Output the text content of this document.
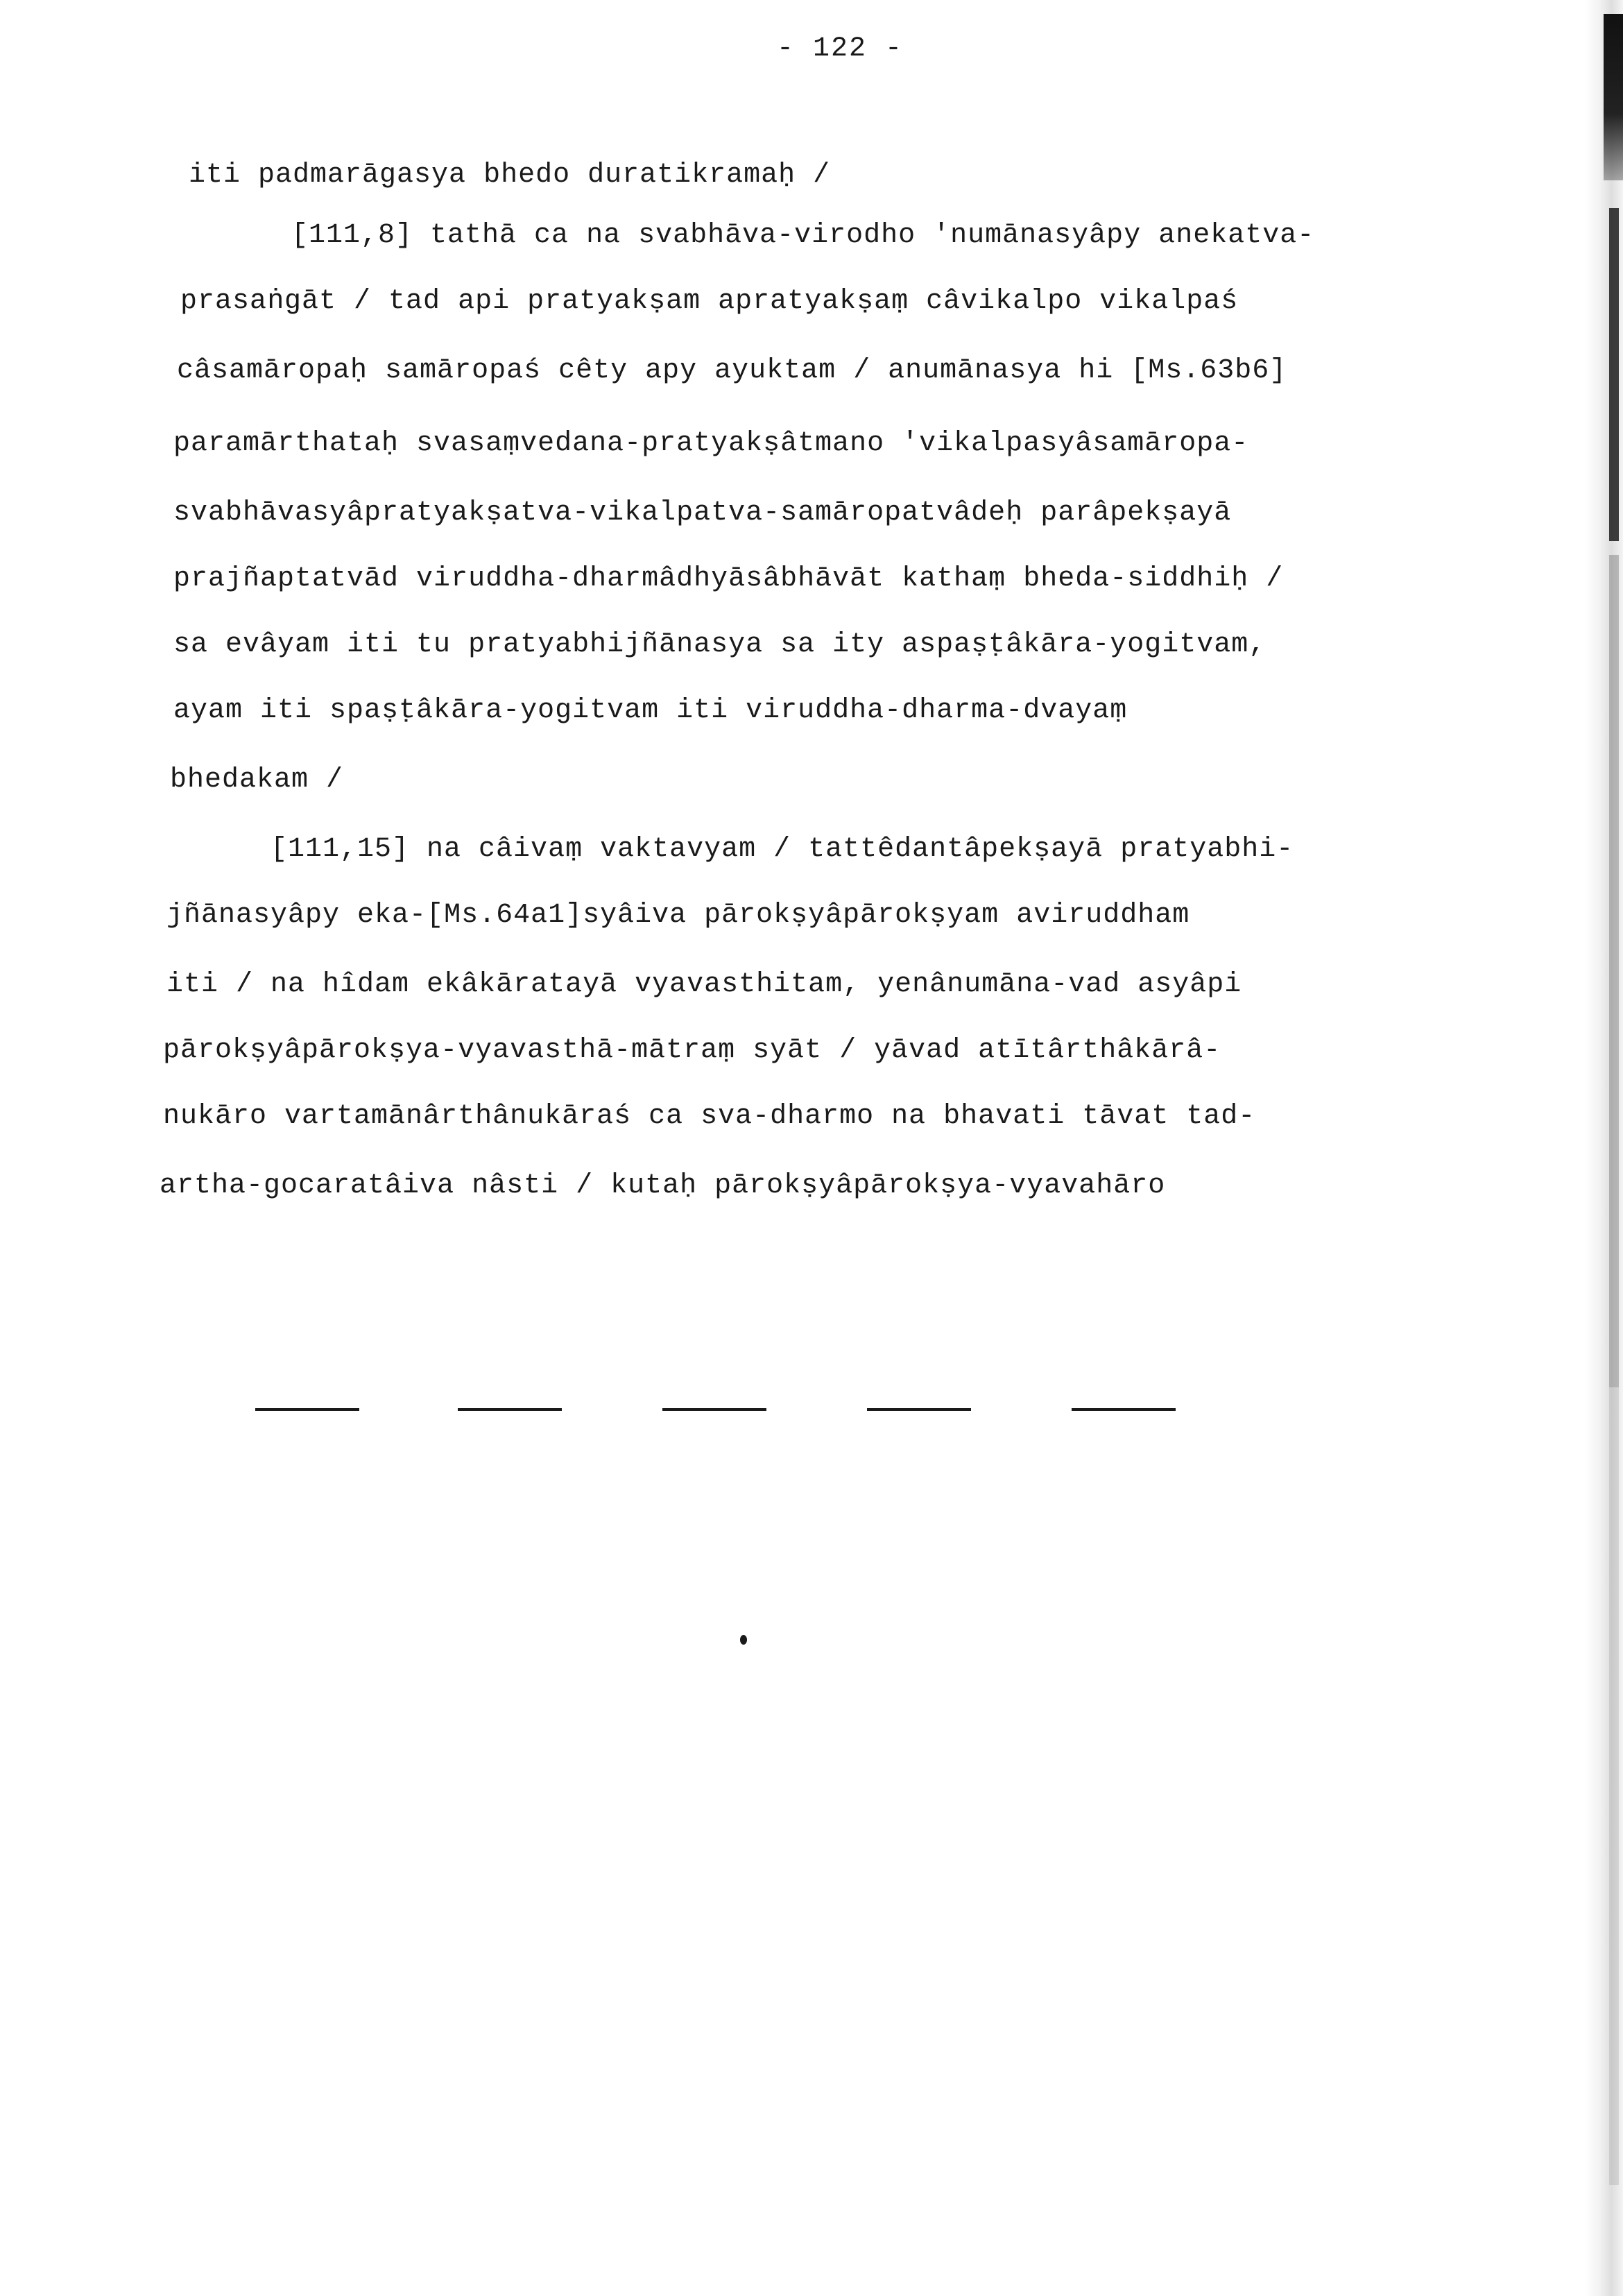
- 122 -
iti padmarāgasya bhedo duratikramaḥ /
[111,8] tathā ca na svabhāva-virodho 'numānasyâpy anekatva-
prasaṅgāt / tad api pratyakṣam apratyakṣaṃ câvikalpo vikalpaś
câsamāropaḥ samāropaś cêty apy ayuktam / anumānasya hi [Ms.63b6]
paramārthataḥ svasaṃvedana-pratyakṣâtmano 'vikalpasyâsamāropa-
svabhāvasyâpratyakṣatva-vikalpatva-samāropatvâdeḥ parâpekṣayā
prajñaptatvād viruddha-dharmâdhyāsâbhāvāt kathaṃ bheda-siddhiḥ /
sa evâyam iti tu pratyabhijñānasya sa ity aspaṣṭâkāra-yogitvam,
ayam iti spaṣṭâkāra-yogitvam iti viruddha-dharma-dvayaṃ
bhedakam /
[111,15] na câivaṃ vaktavyam / tattêdantâpekṣayā pratyabhi-
jñānasyâpy eka-[Ms.64a1]syâiva pārokṣyâpārokṣyam aviruddham
iti / na hîdam ekâkāratayā vyavasthitam, yenânumāna-vad asyâpi
pārokṣyâpārokṣya-vyavasthā-mātraṃ syāt / yāvad atītârthâkārâ-
nukāro vartamānârthânukāraś ca sva-dharmo na bhavati tāvat tad-
artha-gocaratâiva nâsti / kutaḥ pārokṣyâpārokṣya-vyavahāro
